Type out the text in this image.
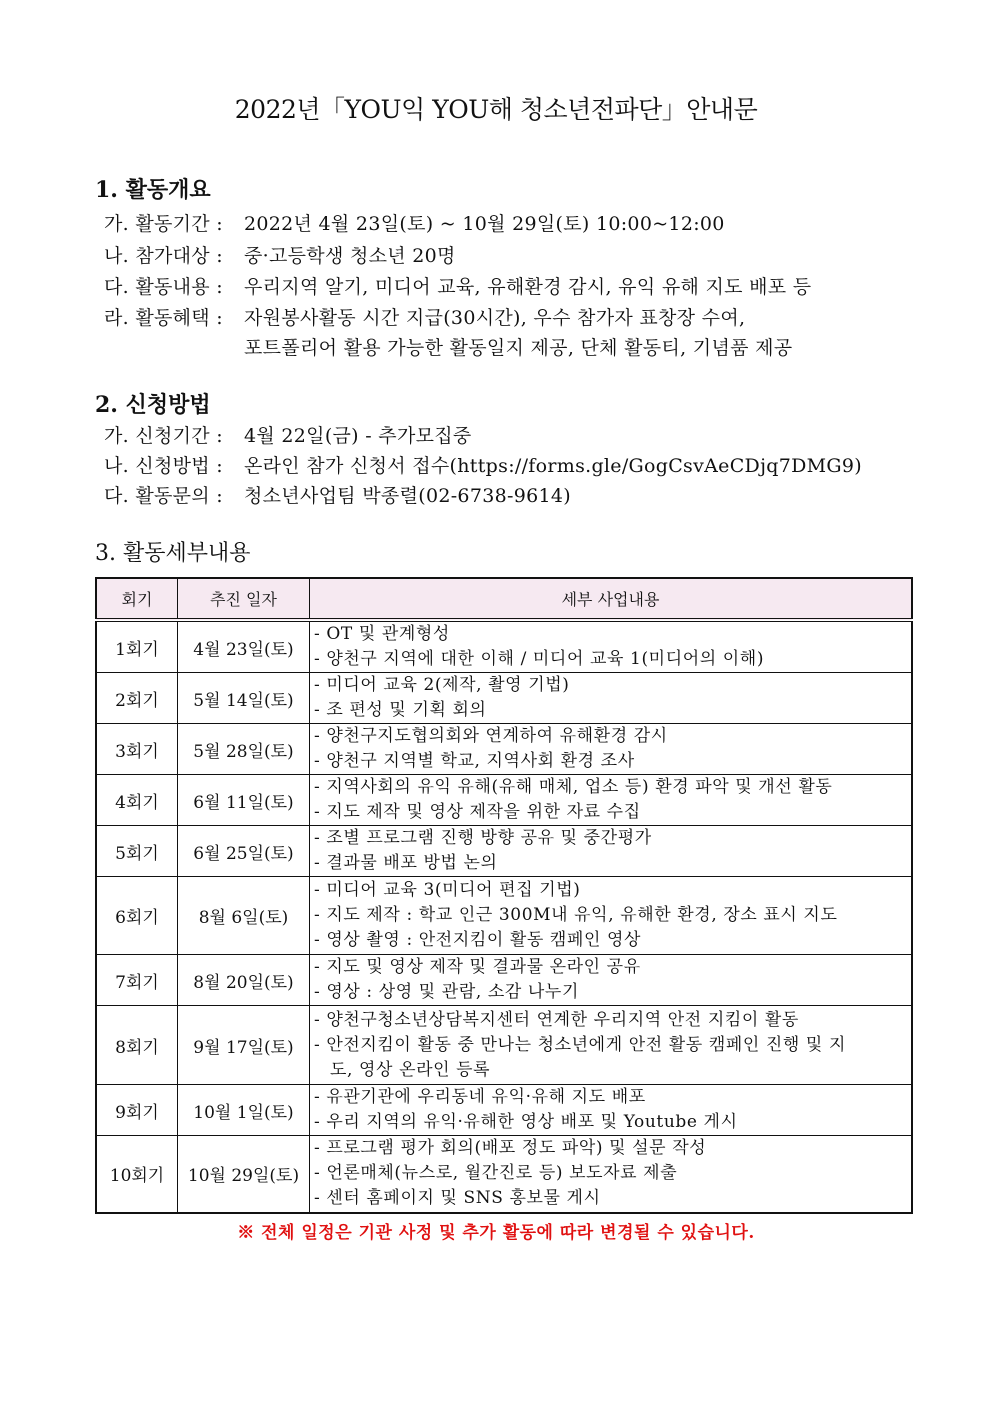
2022년「YOU익 YOU해 청소년전파단」안내문
1. 활동개요
가. 활동기간 : 2022년 4월 23일(토) ~ 10월 29일(토) 10:00~12:00
나. 참가대상 : 중·고등학생 청소년 20명
다. 활동내용 : 우리지역 알기, 미디어 교육, 유해환경 감시, 유익 유해 지도 배포 등
라. 활동혜택 : 자원봉사활동 시간 지급(30시간), 우수 참가자 표창장 수여,
포트폴리어 활용 가능한 활동일지 제공, 단체 활동티, 기념품 제공
2. 신청방법
가. 신청기간 : 4월 22일(금) - 추가모집중
나. 신청방법 : 온라인 참가 신청서 접수(https://forms.gle/GogCsvAeCDjq7DMG9)
다. 활동문의 : 청소년사업팀 박종렬(02-6738-9614)
3. 활동세부내용
회기	추진 일자	세부 사업내용
1회기	4월 23일(토)	- OT 및 관계형성
- 양천구 지역에 대한 이해 / 미디어 교육 1(미디어의 이해)

2회기	5월 14일(토)	- 미디어 교육 2(제작, 촬영 기법)
- 조 편성 및 기획 회의

3회기	5월 28일(토)	- 양천구지도협의회와 연계하여 유해환경 감시
- 양천구 지역별 학교, 지역사회 환경 조사

4회기	6월 11일(토)	- 지역사회의 유익 유해(유해 매체, 업소 등) 환경 파악 및 개선 활동
- 지도 제작 및 영상 제작을 위한 자료 수집

5회기	6월 25일(토)	- 조별 프로그램 진행 방향 공유 및 중간평가
- 결과물 배포 방법 논의

6회기	8월 6일(토)	- 미디어 교육 3(미디어 편집 기법)
- 지도 제작 : 학교 인근 300M내 유익, 유해한 환경, 장소 표시 지도
- 영상 촬영 : 안전지킴이 활동 캠페인 영상

7회기	8월 20일(토)	- 지도 및 영상 제작 및 결과물 온라인 공유
- 영상 : 상영 및 관람, 소감 나누기

8회기	9월 17일(토)	- 양천구청소년상담복지센터 연계한 우리지역 안전 지킴이 활동
- 안전지킴이 활동 중 만나는 청소년에게 안전 활동 캠페인 진행 및 지
도, 영상 온라인 등록

9회기	10월 1일(토)	- 유관기관에 우리동네 유익·유해 지도 배포
- 우리 지역의 유익·유해한 영상 배포 및 Youtube 게시

10회기	10월 29일(토)	- 프로그램 평가 회의(배포 정도 파악) 및 설문 작성
- 언론매체(뉴스로, 월간진로 등) 보도자료 제출
- 센터 홈페이지 및 SNS 홍보물 게시
※ 전체 일정은 기관 사정 및 추가 활동에 따라 변경될 수 있습니다.
